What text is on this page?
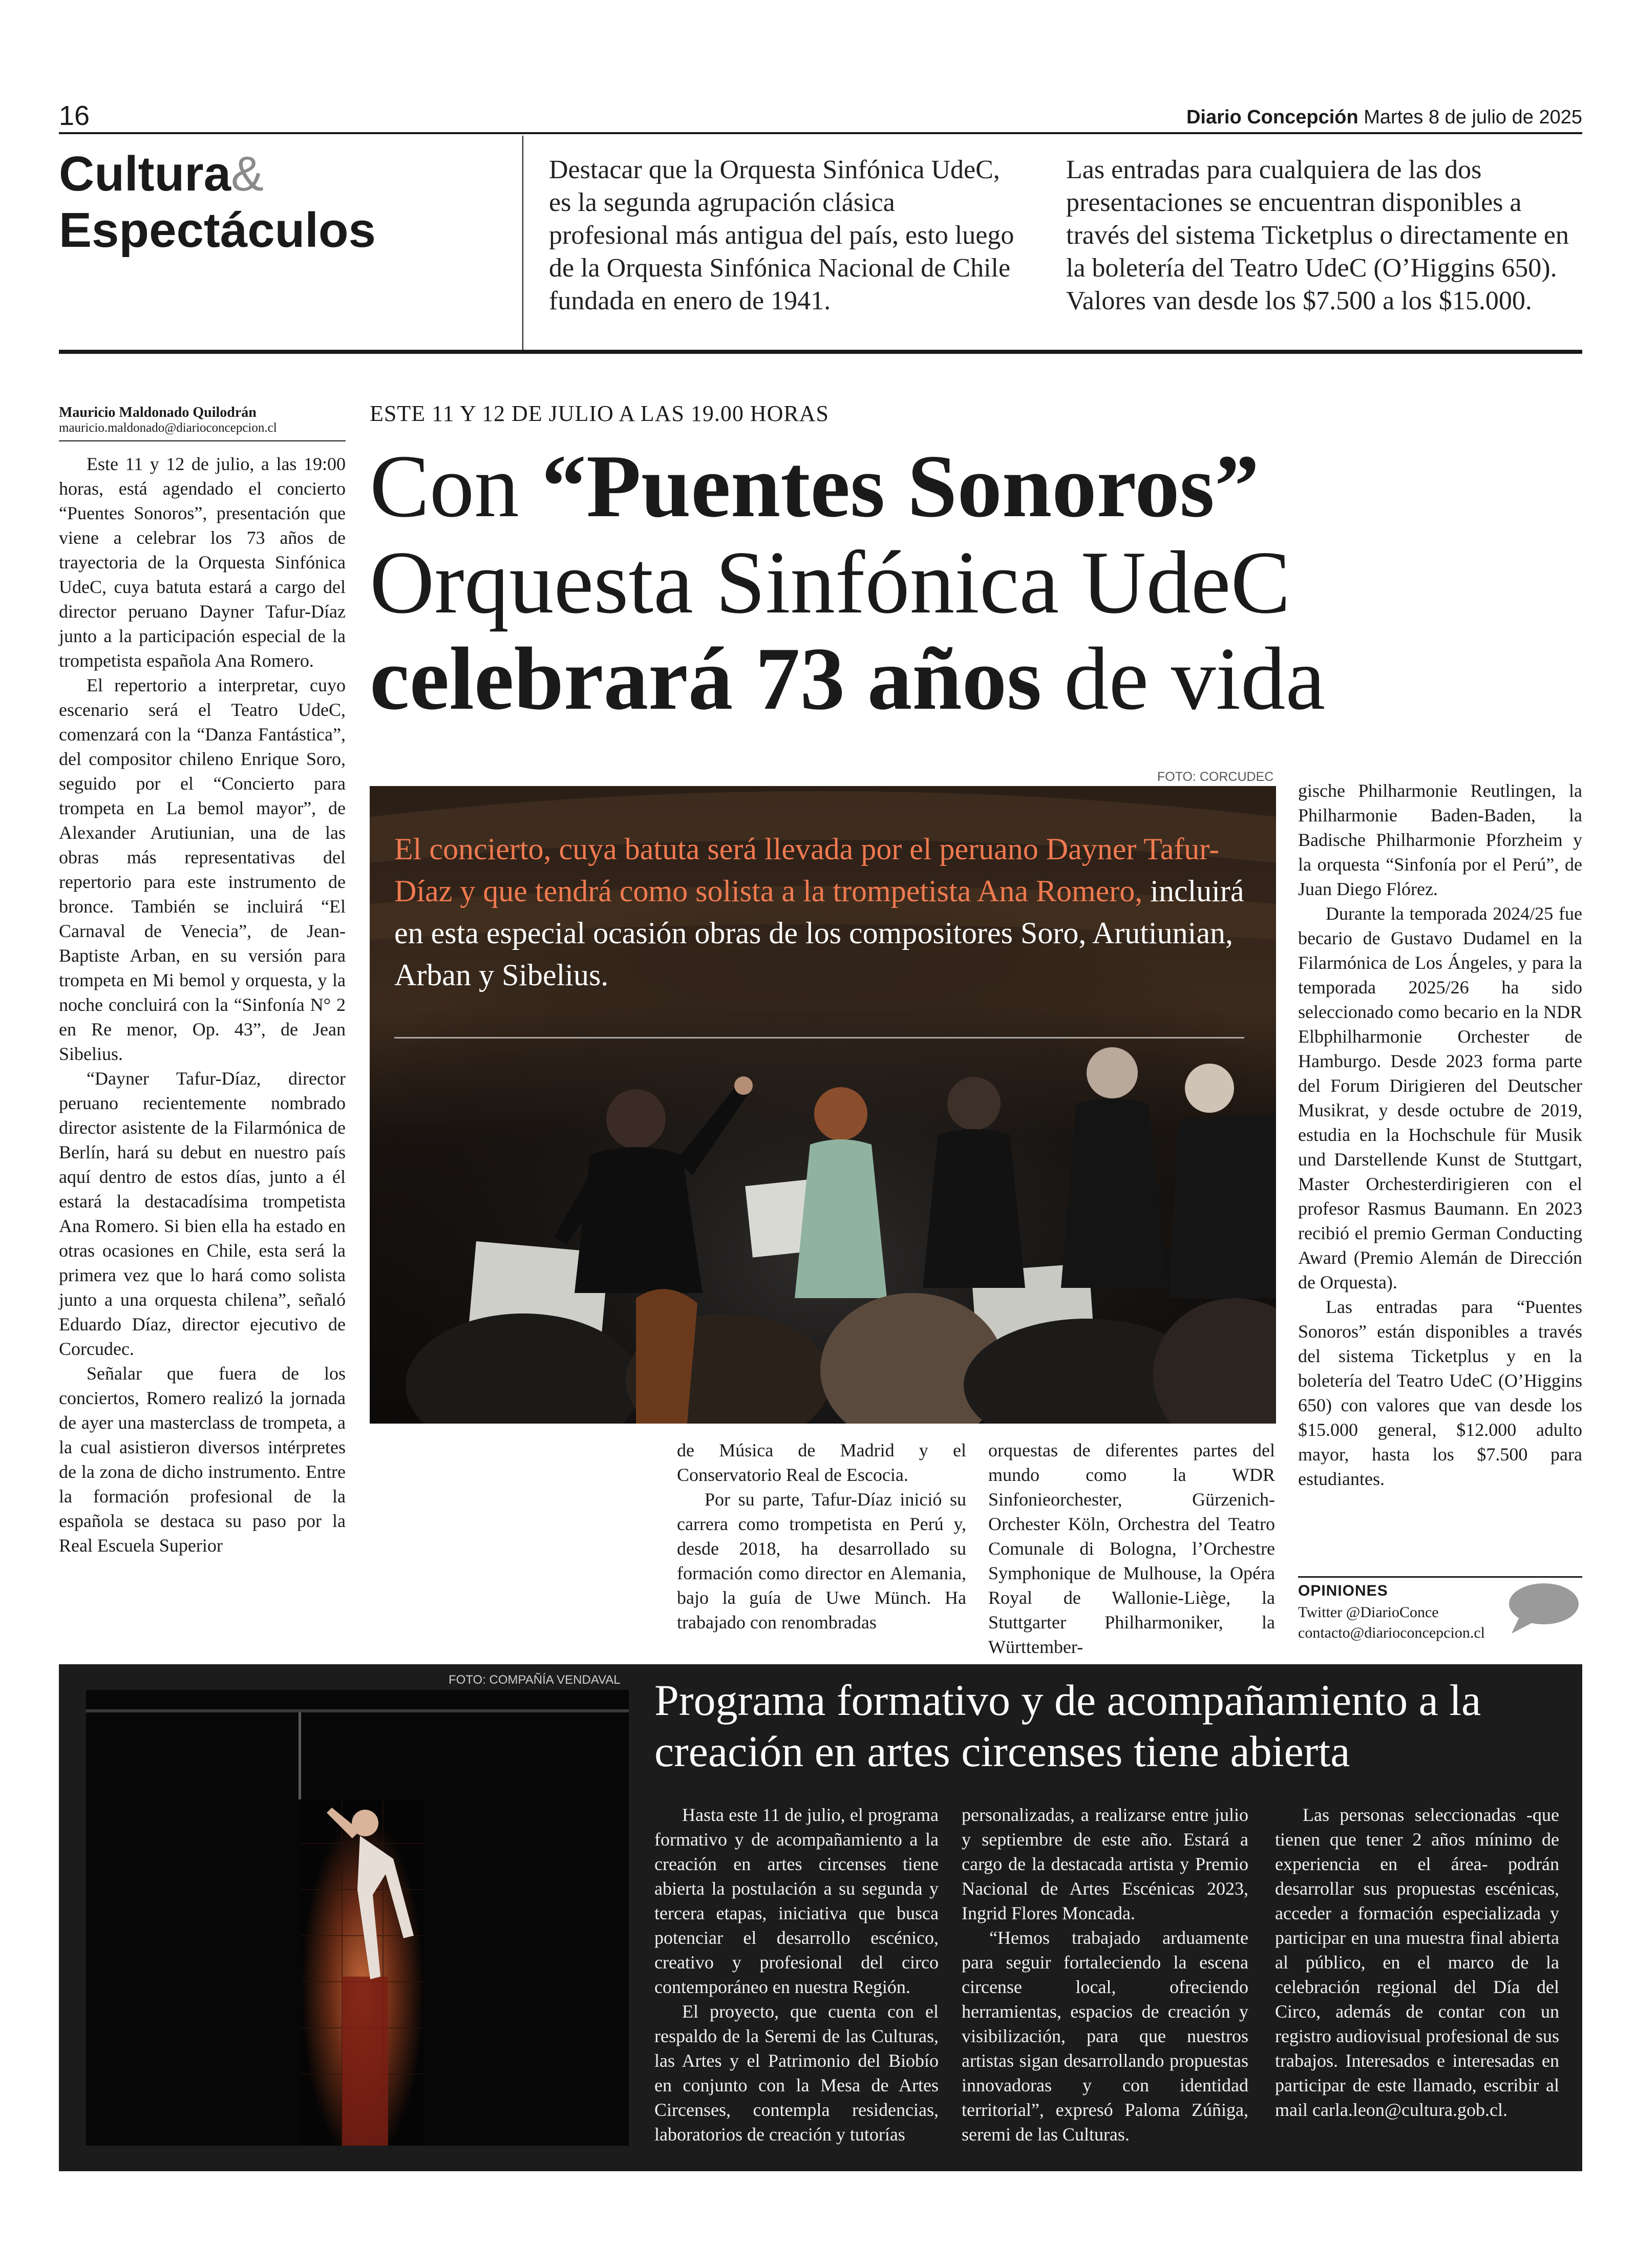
16	Diario Concepción Martes 8 de julio de 2025
Cultura&
Espectáculos
Destacar que la Orquesta Sinfónica UdeC, es la segunda agrupación clásica profesional más antigua del país, esto luego de la Orquesta Sinfónica Nacional de Chile fundada en enero de 1941.
Las entradas para cualquiera de las dos presentaciones se encuentran disponibles a través del sistema Ticketplus o directamente en la boletería del Teatro UdeC (O’Higgins 650). Valores van desde los $7.500 a los $15.000.
Mauricio Maldonado Quilodrán
mauricio.maldonado@diarioconcepcion.cl

Este 11 y 12 de julio, a las 19:00 horas, está agendado el concierto “Puentes Sonoros”, presentación que viene a celebrar los 73 años de trayectoria de la Orquesta Sinfónica UdeC, cuya batuta estará a cargo del director peruano Dayner Tafur-Díaz junto a la participación especial de la trompetista española Ana Romero.

El repertorio a interpretar, cuyo escenario será el Teatro UdeC, comenzará con la “Danza Fantástica”, del compositor chileno Enrique Soro, seguido por el “Concierto para trompeta en La bemol mayor”, de Alexander Arutiunian, una de las obras más representativas del repertorio para este instrumento de bronce. También se incluirá “El Carnaval de Venecia”, de Jean-Baptiste Arban, en su versión para trompeta en Mi bemol y orquesta, y la noche concluirá con la “Sinfonía N° 2 en Re menor, Op. 43”, de Jean Sibelius.

“Dayner Tafur-Díaz, director peruano recientemente nombrado director asistente de la Filarmónica de Berlín, hará su debut en nuestro país aquí dentro de estos días, junto a él estará la destacadísima trompetista Ana Romero. Si bien ella ha estado en otras ocasiones en Chile, esta será la primera vez que lo hará como solista junto a una orquesta chilena”, señaló Eduardo Díaz, director ejecutivo de Corcudec.

Señalar que fuera de los conciertos, Romero realizó la jornada de ayer una masterclass de trompeta, a la cual asistieron diversos intérpretes de la zona de dicho instrumento. Entre la formación profesional de la española se destaca su paso por la Real Escuela Superior

ESTE 11 Y 12 DE JULIO A LAS 19.00 HORAS
Con “Puentes Sonoros”
Orquesta Sinfónica UdeC
celebrará 73 años de vida
FOTO: CORCUDEC
El concierto, cuya batuta será llevada por el peruano Dayner Tafur-Díaz y que tendrá como solista a la trompetista Ana Romero, incluirá en esta especial ocasión obras de los compositores Soro, Arutiunian, Arban y Sibelius.

de Música de Madrid y el Conservatorio Real de Escocia.

Por su parte, Tafur-Díaz inició su carrera como trompetista en Perú y, desde 2018, ha desarrollado su formación como director en Alemania, bajo la guía de Uwe Münch. Ha trabajado con renombradas

orquestas de diferentes partes del mundo como la WDR Sinfonieorchester, Gürzenich-Orchester Köln, Orchestra del Teatro Comunale di Bologna, l’Orchestre Symphonique de Mulhouse, la Opéra Royal de Wallonie-Liège, la Stuttgarter Philharmoniker, la Württember-

gische Philharmonie Reutlingen, la Philharmonie Baden-Baden, la Badische Philharmonie Pforzheim y la orquesta “Sinfonía por el Perú”, de Juan Diego Flórez.

Durante la temporada 2024/25 fue becario de Gustavo Dudamel en la Filarmónica de Los Ángeles, y para la temporada 2025/26 ha sido seleccionado como becario en la NDR Elbphilharmonie Orchester de Hamburgo. Desde 2023 forma parte del Forum Dirigieren del Deutscher Musikrat, y desde octubre de 2019, estudia en la Hochschule für Musik und Darstellende Kunst de Stuttgart, Master Orchesterdirigieren con el profesor Rasmus Baumann. En 2023 recibió el premio German Conducting Award (Premio Alemán de Dirección de Orquesta).

Las entradas para “Puentes Sonoros” están disponibles a través del sistema Ticketplus y en la boletería del Teatro UdeC (O’Higgins 650) con valores que van desde los $15.000 general, $12.000 adulto mayor, hasta los $7.500 para estudiantes.

OPINIONES
Twitter @DiarioConce
contacto@diarioconcepcion.cl
FOTO: COMPAÑÍA VENDAVAL Programa formativo y de acompañamiento a la creación en artes circenses tiene abierta

Hasta este 11 de julio, el programa formativo y de acompañamiento a la creación en artes circenses tiene abierta la postulación a su segunda y tercera etapas, iniciativa que busca potenciar el desarrollo escénico, creativo y profesional del circo contemporáneo en nuestra Región.

El proyecto, que cuenta con el respaldo de la Seremi de las Culturas, las Artes y el Patrimonio del Biobío en conjunto con la Mesa de Artes Circenses, contempla residencias, laboratorios de creación y tutorías

personalizadas, a realizarse entre julio y septiembre de este año. Estará a cargo de la destacada artista y Premio Nacional de Artes Escénicas 2023, Ingrid Flores Moncada.

“Hemos trabajado arduamente para seguir fortaleciendo la escena circense local, ofreciendo herramientas, espacios de creación y visibilización, para que nuestros artistas sigan desarrollando propuestas innovadoras y con identidad territorial”, expresó Paloma Zúñiga, seremi de las Culturas.

Las personas seleccionadas -que tienen que tener 2 años mínimo de experiencia en el área- podrán desarrollar sus propuestas escénicas, acceder a formación especializada y participar en una muestra final abierta al público, en el marco de la celebración regional del Día del Circo, además de contar con un registro audiovisual profesional de sus trabajos. Interesados e interesadas en participar de este llamado, escribir al mail carla.leon@cultura.gob.cl.
